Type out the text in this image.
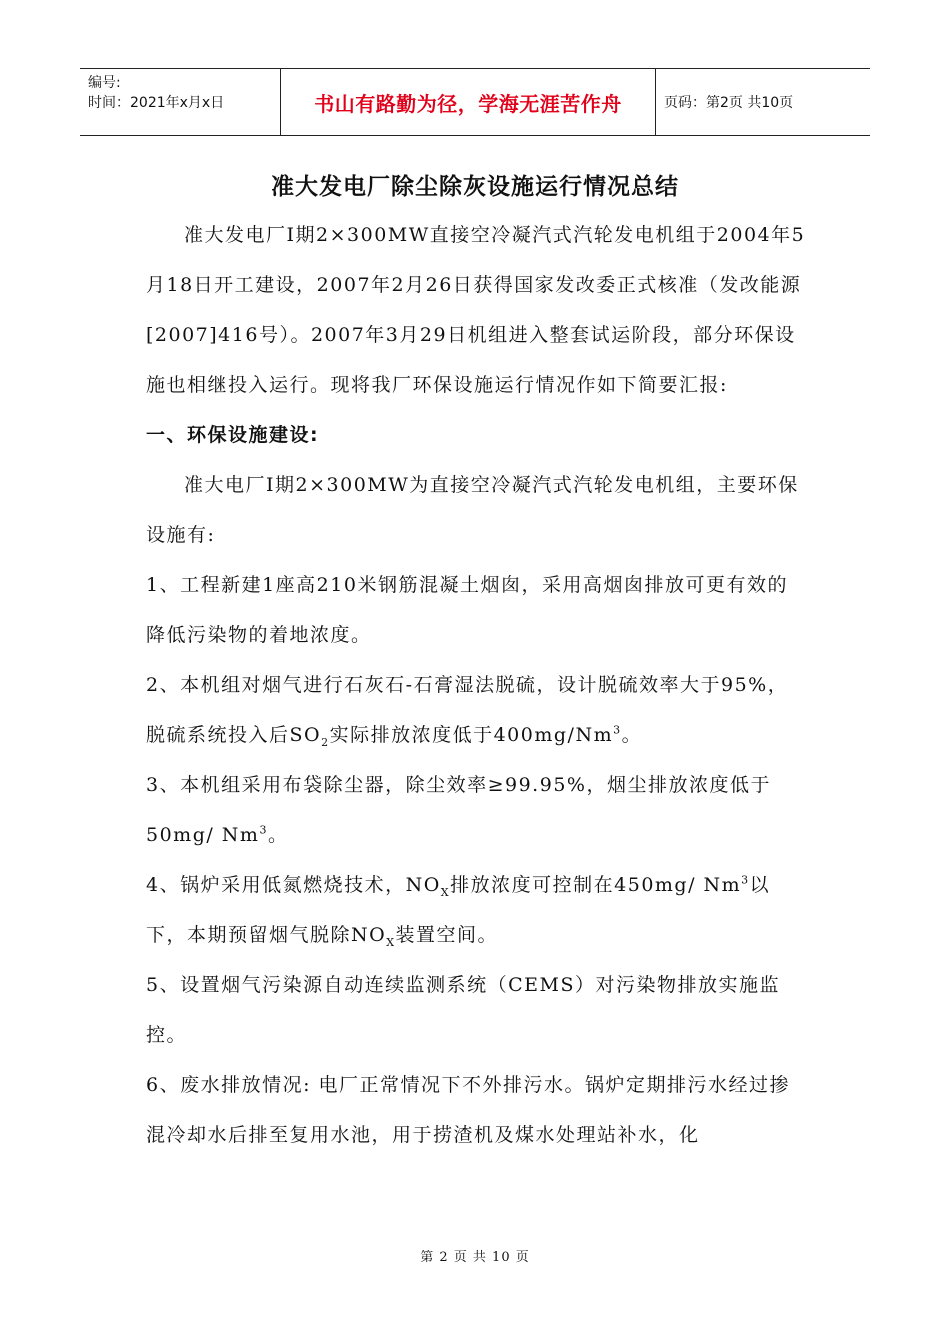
编号:
时间：2021年x月x日	书山有路勤为径，学海无涯苦作舟	页码：第2页 共10页
准大发电厂除尘除灰设施运行情况总结

准大发电厂Ⅰ期2×300MW直接空冷凝汽式汽轮发电机组于2004年5月18日开工建设，2007年2月26日获得国家发改委正式核准（发改能源[2007]416号）。2007年3月29日机组进入整套试运阶段，部分环保设施也相继投入运行。现将我厂环保设施运行情况作如下简要汇报:

一、环保设施建设:

准大电厂Ⅰ期2×300MW为直接空冷凝汽式汽轮发电机组，主要环保设施有:

1、工程新建1座高210米钢筋混凝土烟囱，采用高烟囱排放可更有效的降低污染物的着地浓度。

2、本机组对烟气进行石灰石-石膏湿法脱硫，设计脱硫效率大于95%，脱硫系统投入后$SO_2$实际排放浓度低于400mg/Nm$^3$。

3、本机组采用布袋除尘器，除尘效率≥99.95%，烟尘排放浓度低于50mg/ Nm$^3$。

4、锅炉采用低氮燃烧技术，$NO_X$排放浓度可控制在450mg/ Nm$^3$以下，本期预留烟气脱除$NO_X$装置空间。

5、设置烟气污染源自动连续监测系统（CEMS）对污染物排放实施监控。

6、废水排放情况: 电厂正常情况下不外排污水。锅炉定期排污水经过掺混冷却水后排至复用水池，用于捞渣机及煤水处理站补水，化

第 2 页 共 10 页
